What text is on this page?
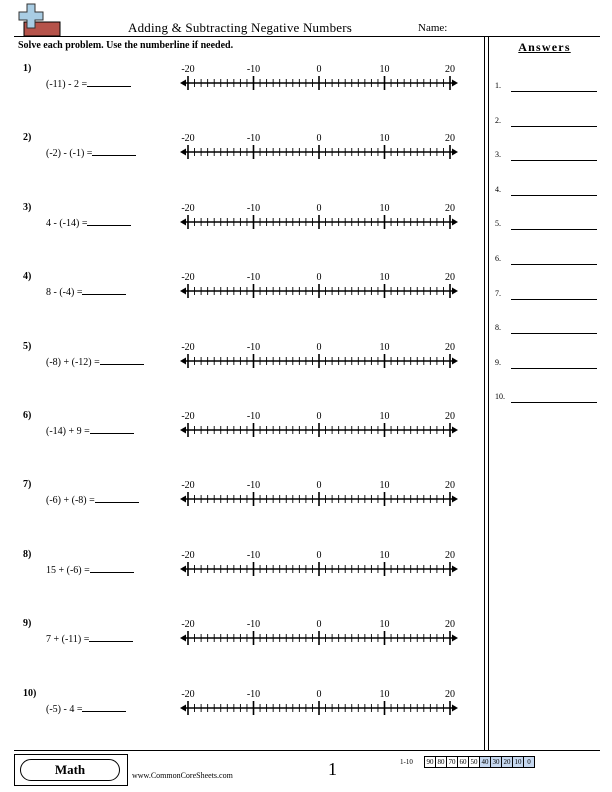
Adding & Subtracting Negative Numbers	Name:
Solve each problem. Use the numberline if needed.	Answers
1.
2.
3.
4.
5.
6.
7.
8.
9.
10.
1)
(-11) - 2 =
-20	-10	0	10	20
2)
(-2) - (-1) =
-20	-10	0	10	20
3)
4 - (-14) =
-20	-10	0	10	20
4)
8 - (-4) =
-20	-10	0	10	20
5)
(-8) + (-12) =
-20	-10	0	10	20
6)
(-14) + 9 =
-20	-10	0	10	20
7)
(-6) + (-8) =
-20	-10	0	10	20
8)
15 + (-6) =
-20	-10	0	10	20
9)
7 + (-11) =
-20	-10	0	10	20
10)
(-5) - 4 =
-20	-10	0	10	20
Math	www.CommonCoreSheets.com	1	1-10	90 80 70 60 50 40 30 20 10 0
